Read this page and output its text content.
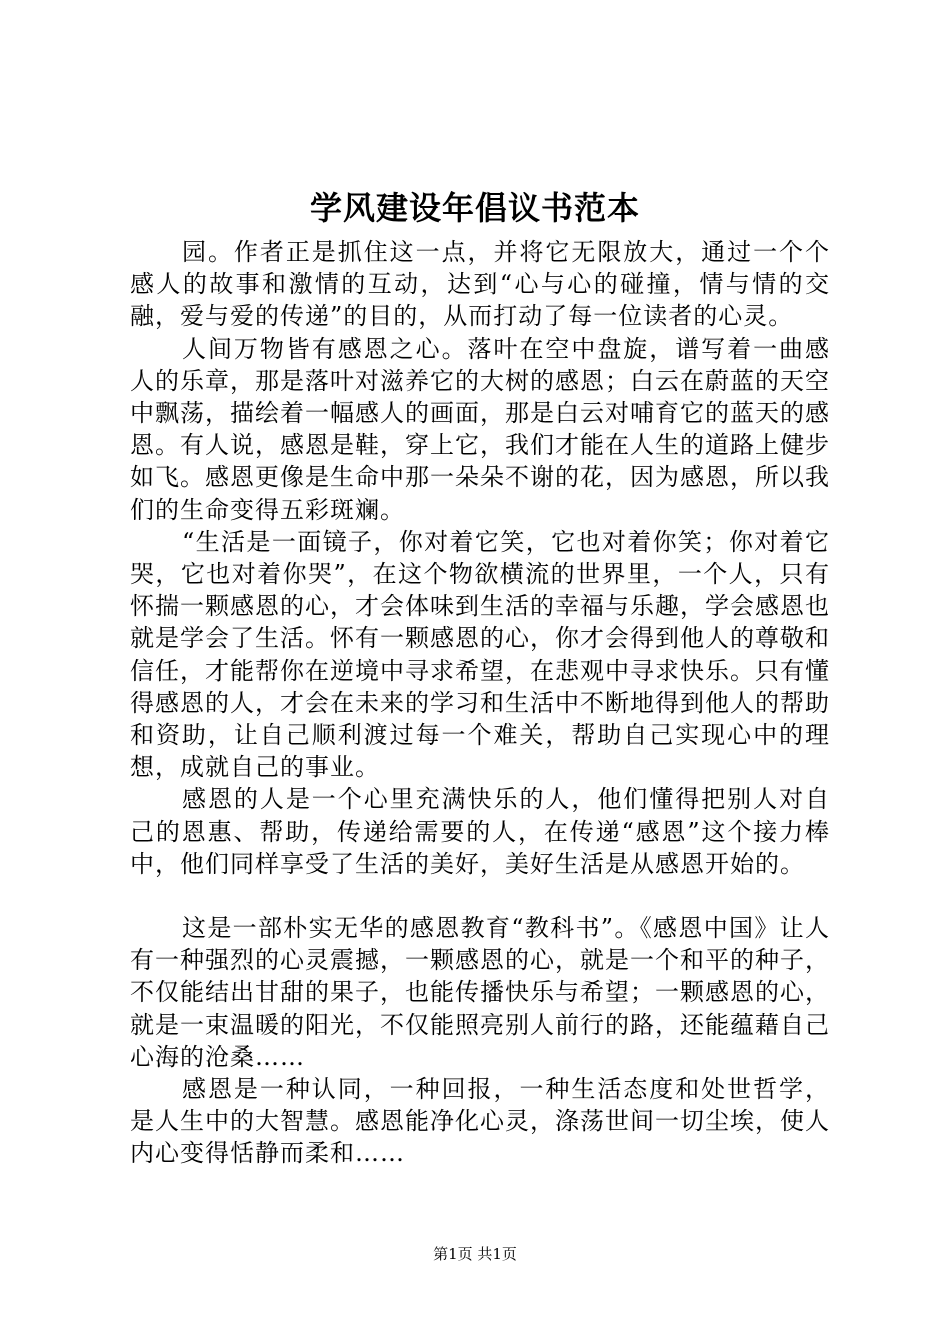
学风建设年倡议书范本

园。作者正是抓住这一点，并将它无限放大，通过一个个感人的故事和激情的互动，达到“心与心的碰撞，情与情的交融，爱与爱的传递”的目的，从而打动了每一位读者的心灵。

人间万物皆有感恩之心。落叶在空中盘旋，谱写着一曲感人的乐章，那是落叶对滋养它的大树的感恩；白云在蔚蓝的天空中飘荡，描绘着一幅感人的画面，那是白云对哺育它的蓝天的感恩。有人说，感恩是鞋，穿上它，我们才能在人生的道路上健步如飞。感恩更像是生命中那一朵朵不谢的花，因为感恩，所以我们的生命变得五彩斑斓。

“生活是一面镜子，你对着它笑，它也对着你笑；你对着它哭，它也对着你哭”，在这个物欲横流的世界里，一个人，只有怀揣一颗感恩的心，才会体味到生活的幸福与乐趣，学会感恩也就是学会了生活。怀有一颗感恩的心，你才会得到他人的尊敬和信任，才能帮你在逆境中寻求希望，在悲观中寻求快乐。只有懂得感恩的人，才会在未来的学习和生活中不断地得到他人的帮助和资助，让自己顺利渡过每一个难关，帮助自己实现心中的理想，成就自己的事业。

感恩的人是一个心里充满快乐的人，他们懂得把别人对自己的恩惠、帮助，传递给需要的人，在传递“感恩”这个接力棒中，他们同样享受了生活的美好，美好生活是从感恩开始的。

这是一部朴实无华的感恩教育“教科书”。《感恩中国》让人有一种强烈的心灵震撼，一颗感恩的心，就是一个和平的种子，不仅能结出甘甜的果子，也能传播快乐与希望；一颗感恩的心，就是一束温暖的阳光，不仅能照亮别人前行的路，还能蕴藉自己心海的沧桑……

感恩是一种认同，一种回报，一种生活态度和处世哲学，是人生中的大智慧。感恩能净化心灵，涤荡世间一切尘埃，使人内心变得恬静而柔和……

第1页 共1页
